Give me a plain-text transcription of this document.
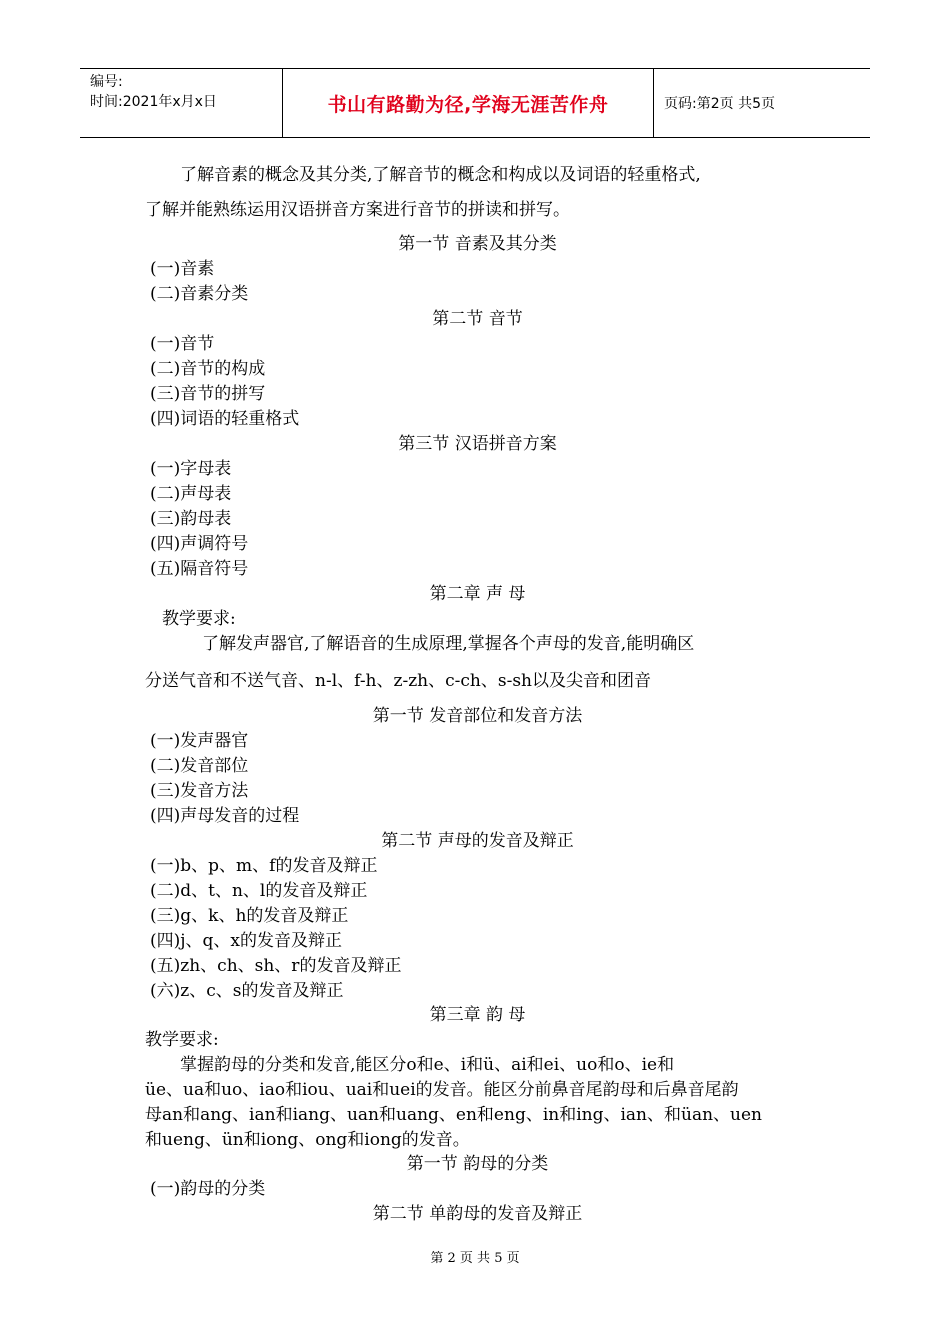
编号:
时间:2021年x月x日	书山有路勤为径,学海无涯苦作舟	页码:第2页 共5页
了解音素的概念及其分类,了解音节的概念和构成以及词语的轻重格式,
了解并能熟练运用汉语拼音方案进行音节的拼读和拼写。
第一节 音素及其分类
(一)音素
(二)音素分类
第二节 音节
(一)音节
(二)音节的构成
(三)音节的拼写
(四)词语的轻重格式
第三节 汉语拼音方案
(一)字母表
(二)声母表
(三)韵母表
(四)声调符号
(五)隔音符号
第二章 声 母
教学要求:
了解发声器官,了解语音的生成原理,掌握各个声母的发音,能明确区
分送气音和不送气音、n-l、f-h、z-zh、c-ch、s-sh以及尖音和团音
第一节 发音部位和发音方法
(一)发声器官
(二)发音部位
(三)发音方法
(四)声母发音的过程
第二节 声母的发音及辩正
(一)b、p、m、f的发音及辩正
(二)d、t、n、l的发音及辩正
(三)g、k、h的发音及辩正
(四)j、q、x的发音及辩正
(五)zh、ch、sh、r的发音及辩正
(六)z、c、s的发音及辩正
第三章 韵 母
教学要求:
掌握韵母的分类和发音,能区分o和e、i和ü、ai和ei、uo和o、ie和
üe、ua和uo、iao和iou、uai和uei的发音。能区分前鼻音尾韵母和后鼻音尾韵
母an和ang、ian和iang、uan和uang、en和eng、in和ing、ian、和üan、uen
和ueng、ün和iong、ong和iong的发音。
第一节 韵母的分类
(一)韵母的分类
第二节 单韵母的发音及辩正
第 2 页 共 5 页
